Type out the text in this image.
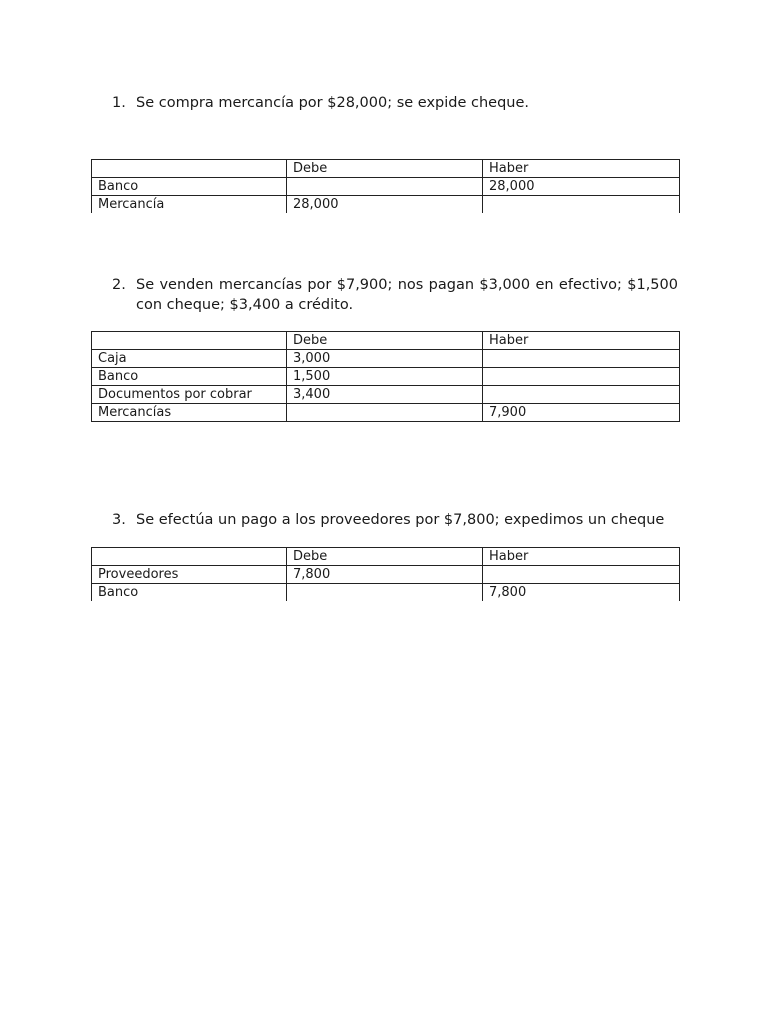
1. Se compra mercancía por $28,000; se expide cheque.
	Debe	Haber
Banco		28,000
Mercancía	28,000	
2. Se venden mercancías por $7,900; nos pagan $3,000 en efectivo; $1,500 con cheque; $3,400 a crédito.
	Debe	Haber
Caja	3,000	
Banco	1,500	
Documentos por cobrar	3,400	
Mercancías		7,900
3. Se efectúa un pago a los proveedores por $7,800; expedimos un cheque
	Debe	Haber
Proveedores	7,800	
Banco		7,800
